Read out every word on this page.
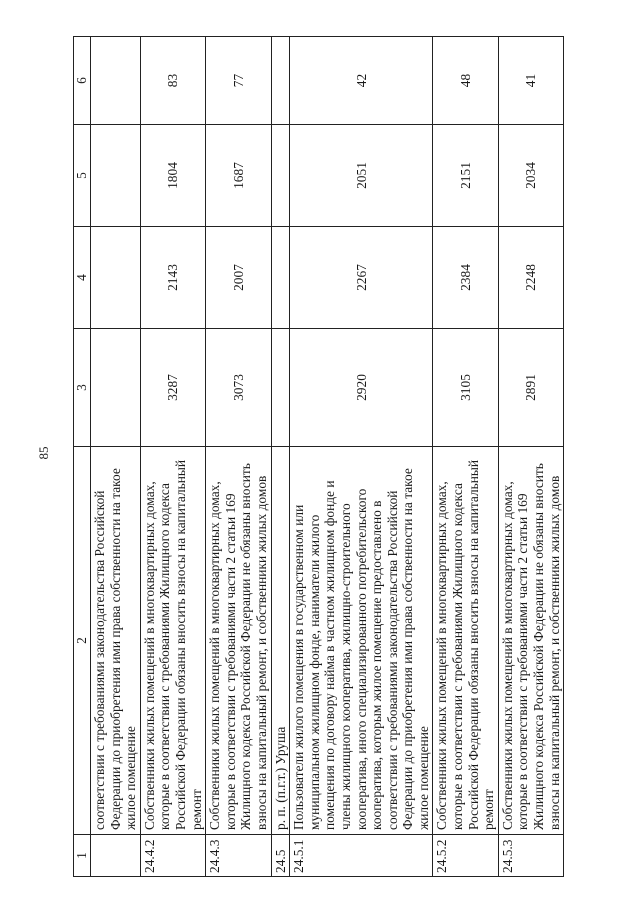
85
1	2	3	4	5	6
	соответствии с требованиями законодательства Российской Федерации до приобретения ими права собственности на такое жилое помещение				
24.4.2	Собственники жилых помещений в многоквартирных домах, которые в соответствии с требованиями Жилищного кодекса Российской Федерации обязаны вносить взносы на капитальный ремонт	3287	2143	1804	83
24.4.3	Собственники жилых помещений в многоквартирных домах, которые в соответствии с требованиями части 2 статьи 169 Жилищного кодекса Российской Федерации не обязаны вносить взносы на капитальный ремонт, и собственники жилых домов	3073	2007	1687	77
24.5	р. п. (п.г.т.) Уруша				
24.5.1	Пользователи жилого помещения в государственном или муниципальном жилищном фонде, наниматели жилого помещения по договору найма в частном жилищном фонде и члены жилищного кооператива, жилищно-строительного кооператива, иного специализированного потребительского кооператива, которым жилое помещение предоставлено в соответствии с требованиями законодательства Российской Федерации до приобретения ими права собственности на такое жилое помещение	2920	2267	2051	42
24.5.2	Собственники жилых помещений в многоквартирных домах, которые в соответствии с требованиями Жилищного кодекса Российской Федерации обязаны вносить взносы на капитальный ремонт	3105	2384	2151	48
24.5.3	Собственники жилых помещений в многоквартирных домах, которые в соответствии с требованиями части 2 статьи 169 Жилищного кодекса Российской Федерации не обязаны вносить взносы на капитальный ремонт, и собственники жилых домов	2891	2248	2034	41
